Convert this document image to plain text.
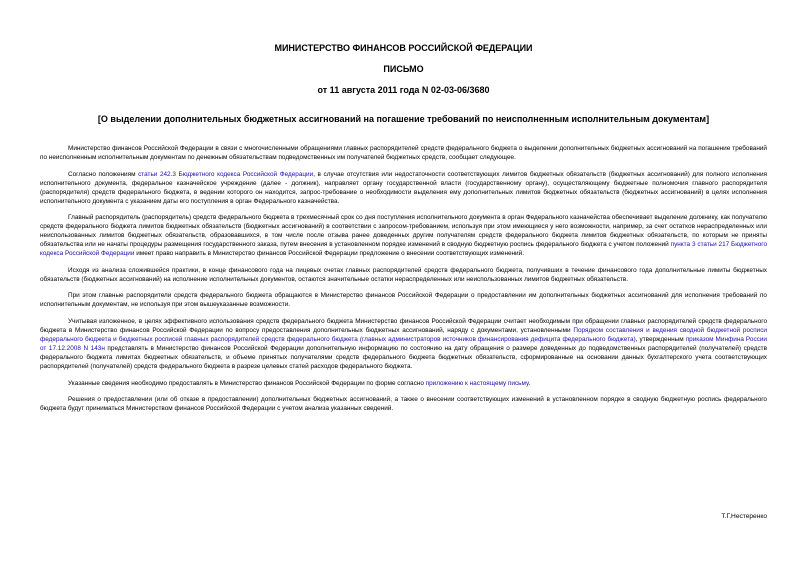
МИНИСТЕРСТВО ФИНАНСОВ РОССИЙСКОЙ ФЕДЕРАЦИИ
ПИСЬМО
от 11 августа 2011 года N 02-03-06/3680
[О выделении дополнительных бюджетных ассигнований на погашение требований по неисполненным исполнительным документам]

Министерство финансов Российской Федерации в связи с многочисленными обращениями главных распорядителей средств федерального бюджета о выделении дополнительных бюджетных ассигнований на погашение требований по неисполненным исполнительным документам по денежным обязательствам подведомственных им получателей бюджетных средств, сообщает следующее.

Согласно положениям статьи 242.3 Бюджетного кодекса Российской Федерации, в случае отсутствия или недостаточности соответствующих лимитов бюджетных обязательств (бюджетных ассигнований) для полного исполнения исполнительного документа, федеральное казначейское учреждение (далее - должник), направляет органу государственной власти (государственному органу), осуществляющему бюджетные полномочия главного распорядителя (распорядителя) средств федерального бюджета, в ведении которого он находится, запрос-требование о необходимости выделения ему дополнительных лимитов бюджетных обязательств (бюджетных ассигнований) в целях исполнения исполнительного документа с указанием даты его поступления в орган Федерального казначейства.

Главный распорядитель (распорядитель) средств федерального бюджета в трехмесячный срок со дня поступления исполнительного документа в орган Федерального казначейства обеспечивает выделение должнику, как получателю средств федерального бюджета лимитов бюджетных обязательств (бюджетных ассигнований) в соответствии с запросом-требованием, используя при этом имеющиеся у него возможности, например, за счет остатков нераспределенных или неиспользованных лимитов бюджетных обязательств, образовавшихся, в том числе после отзыва ранее доведенных другим получателям средств федерального бюджета лимитов бюджетных обязательств, по которым не приняты обязательства или не начаты процедуры размещения государственного заказа, путем внесения в установленном порядке изменений в сводную бюджетную роспись федерального бюджета с учетом положений пункта 3 статьи 217 Бюджетного кодекса Российской Федерации имеет право направить в Министерство финансов Российской Федерации предложение о внесении соответствующих изменений.

Исходя из анализа сложившейся практики, в конце финансового года на лицевых счетах главных распорядителей средств федерального бюджета, получивших в течение финансового года дополнительные лимиты бюджетных обязательств (бюджетных ассигнований) на исполнение исполнительных документов, остаются значительные остатки нераспределенных или неиспользованных лимитов бюджетных обязательств.

При этом главные распорядители средств федерального бюджета обращаются в Министерство финансов Российской Федерации о предоставлении им дополнительных бюджетных ассигнований для исполнения требований по исполнительным документам, не используя при этом вышеуказанные возможности.

Учитывая изложенное, в целях эффективного использования средств федерального бюджета Министерство финансов Российской Федерации считает необходимым при обращении главных распорядителей средств федерального бюджета в Министерство финансов Российской Федерации по вопросу предоставления дополнительных бюджетных ассигнований, наряду с документами, установленными Порядком составления и ведения сводной бюджетной росписи федерального бюджета и бюджетных росписей главных распорядителей средств федерального бюджета (главных администраторов источников финансирования дефицита федерального бюджета), утвержденным приказом Минфина России от 17.12.2008 N 143н представлять в Министерство финансов Российской Федерации дополнительную информацию по состоянию на дату обращения о размере доведенных до подведомственных распорядителей (получателей) средств федерального бюджета лимитах бюджетных обязательств, и объеме принятых получателями средств федерального бюджета бюджетных обязательств, сформированные на основании данных бухгалтерского учета соответствующих распорядителей (получателей) средств федерального бюджета в разрезе целевых статей расходов федерального бюджета.

Указанные сведения необходимо предоставлять в Министерство финансов Российской Федерации по форме согласно приложению к настоящему письму.

Решения о предоставлении (или об отказе в предоставлении) дополнительных бюджетных ассигнований, а также о внесении соответствующих изменений в установленном порядке в сводную бюджетную роспись федерального бюджета будут приниматься Министерством финансов Российской Федерации с учетом анализа указанных сведений.

Т.Г.Нестеренко
